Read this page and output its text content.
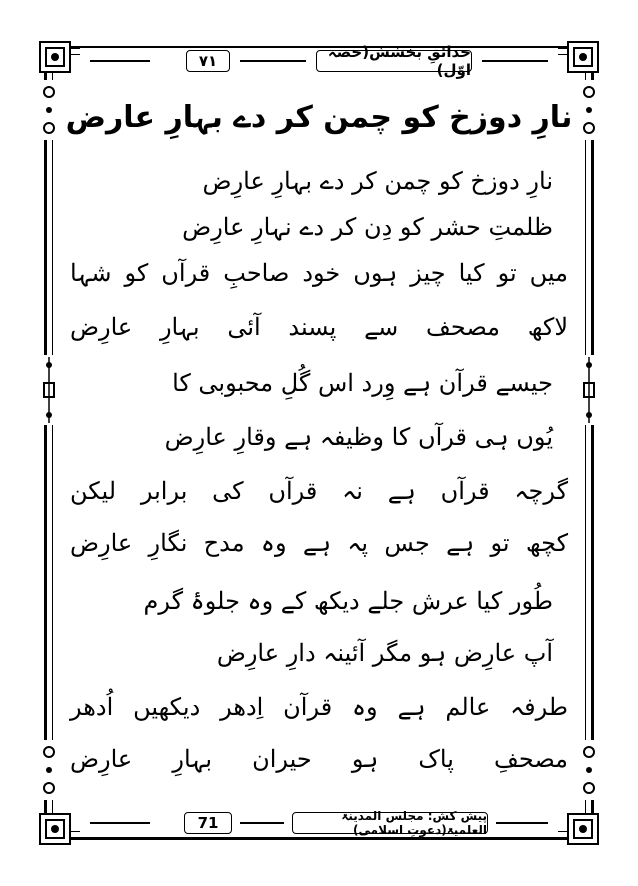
۷۱	حدائقِ بخشش(حصہ اوّل)
نارِ دوزخ کو چمن کر دے بہارِ عارض
نارِ دوزخ کو چمن کر دے بہارِ عارِض
ظلمتِ حشر کو دِن کر دے نہارِ عارِض
میں تو کیا چیز ہوں خود صاحبِ قرآں کو شہا
لاکھ مصحف سے پسند آئی بہارِ عارِض
جیسے قرآن ہے وِرد اس گُلِ محبوبی کا
یُوں ہی قرآں کا وظیفہ ہے وقارِ عارِض
گرچہ قرآں ہے نہ قرآں کی برابر لیکن
کچھ تو ہے جس پہ ہے وہ مدح نگارِ عارِض
طُور کیا عرش جلے دیکھ کے وہ جلوۂ گرم
آپ عارِض ہو مگر آئینہ دارِ عارِض
طرفہ عالم ہے وہ قرآن اِدھر دیکھیں اُدھر
مصحفِ پاک ہو حیران بہارِ عارِض
71	پیش کش: مجلس المدینۃ العلمیۃ(دعوتِ اسلامی)
